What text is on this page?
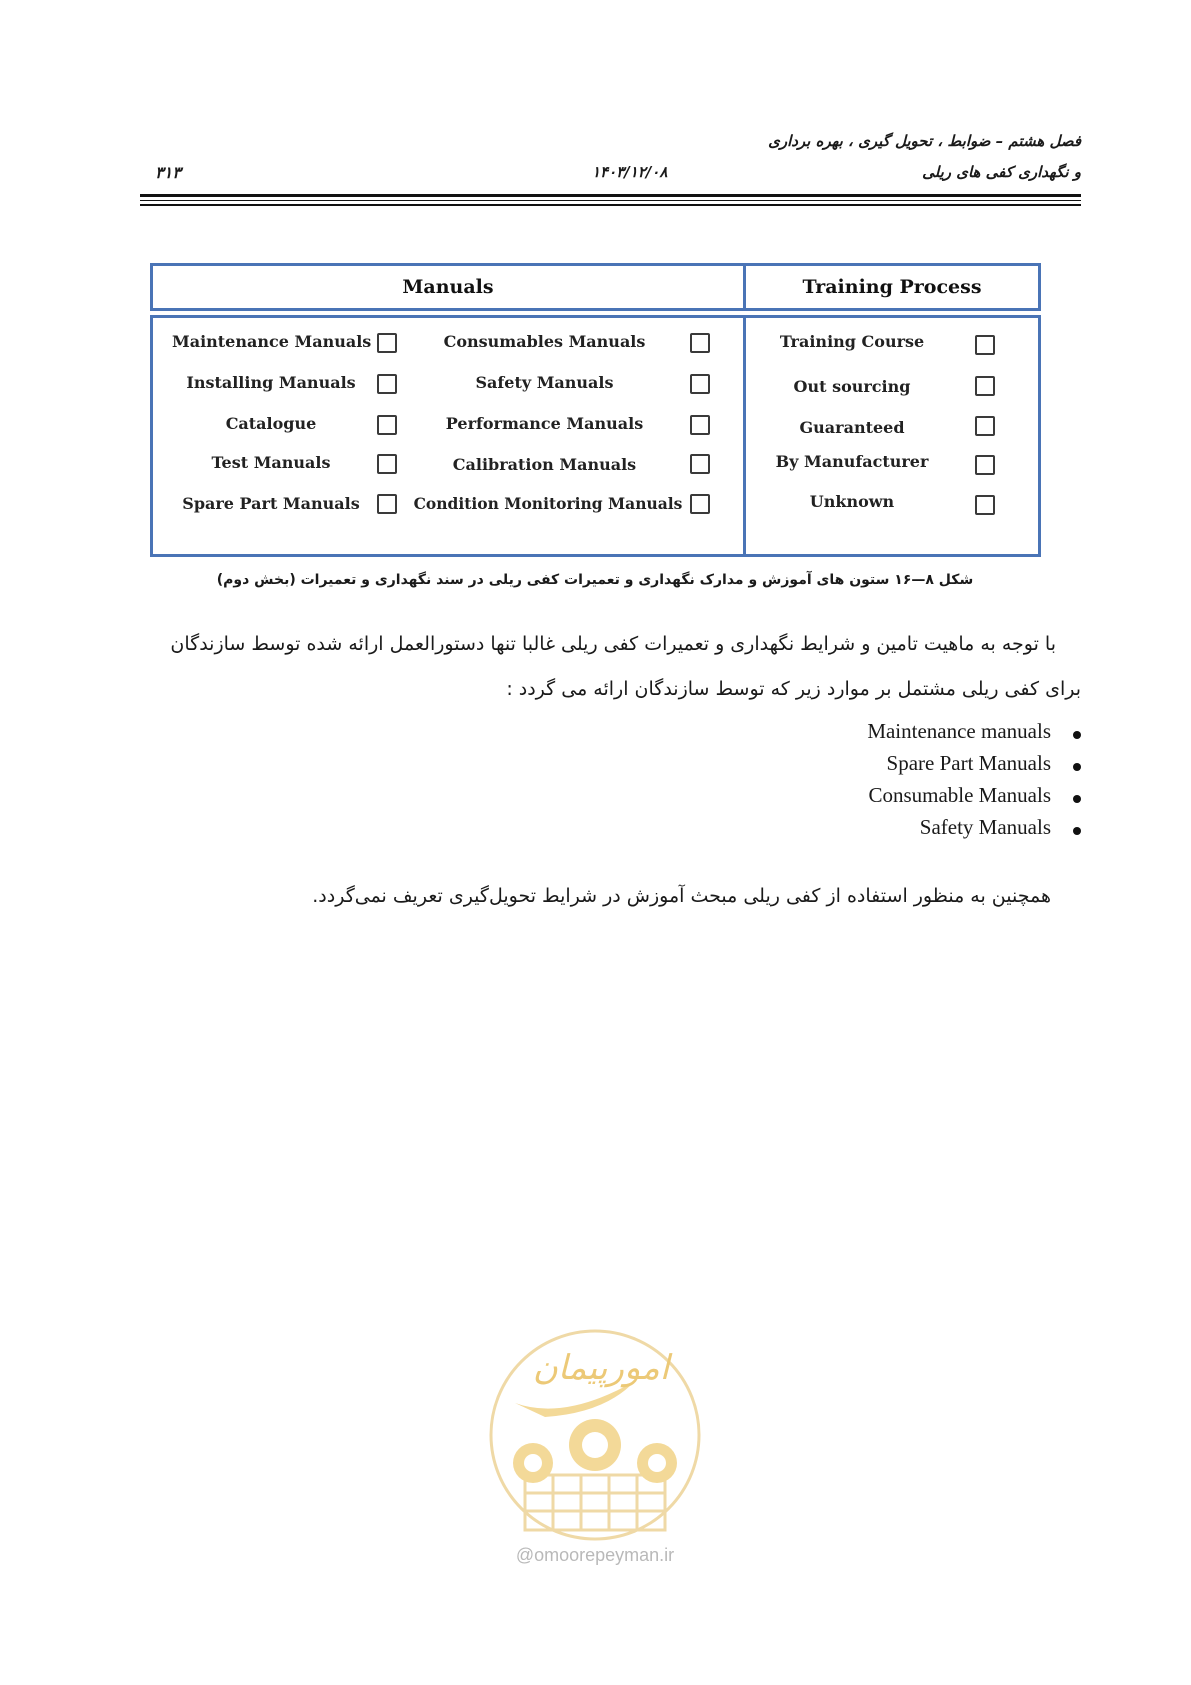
فصل هشتم – ضوابط ، تحویل گیری ، بهره برداری
و نگهداری کفی های ریلی
۱۴۰۳/۱۲/۰۸
۳۱۳
Manuals	Training Process
Maintenance Manuals
Installing Manuals
Catalogue
Test Manuals
Spare Part Manuals
Consumables Manuals
Safety Manuals
Performance Manuals
Calibration Manuals
Condition Monitoring Manuals
Training Course
Out sourcing
Guaranteed
By Manufacturer
Unknown
شکل ۸—۱۶ ستون های آموزش و مدارک نگهداری و تعمیرات کفی ریلی در سند نگهداری و تعمیرات (بخش دوم)
با توجه به ماهیت تامین و شرایط نگهداری و تعمیرات کفی ریلی غالبا تنها دستورالعمل ارائه شده توسط سازندگان
برای کفی ریلی مشتمل بر موارد زیر که توسط سازندگان ارائه می گردد :
Maintenance manuals
Spare Part Manuals
Consumable Manuals
Safety Manuals
همچنین به منظور استفاده از کفی ریلی مبحث آموزش در شرایط تحویل‌گیری تعریف نمی‌گردد.
امورپیمان
@omoorepeyman.ir
